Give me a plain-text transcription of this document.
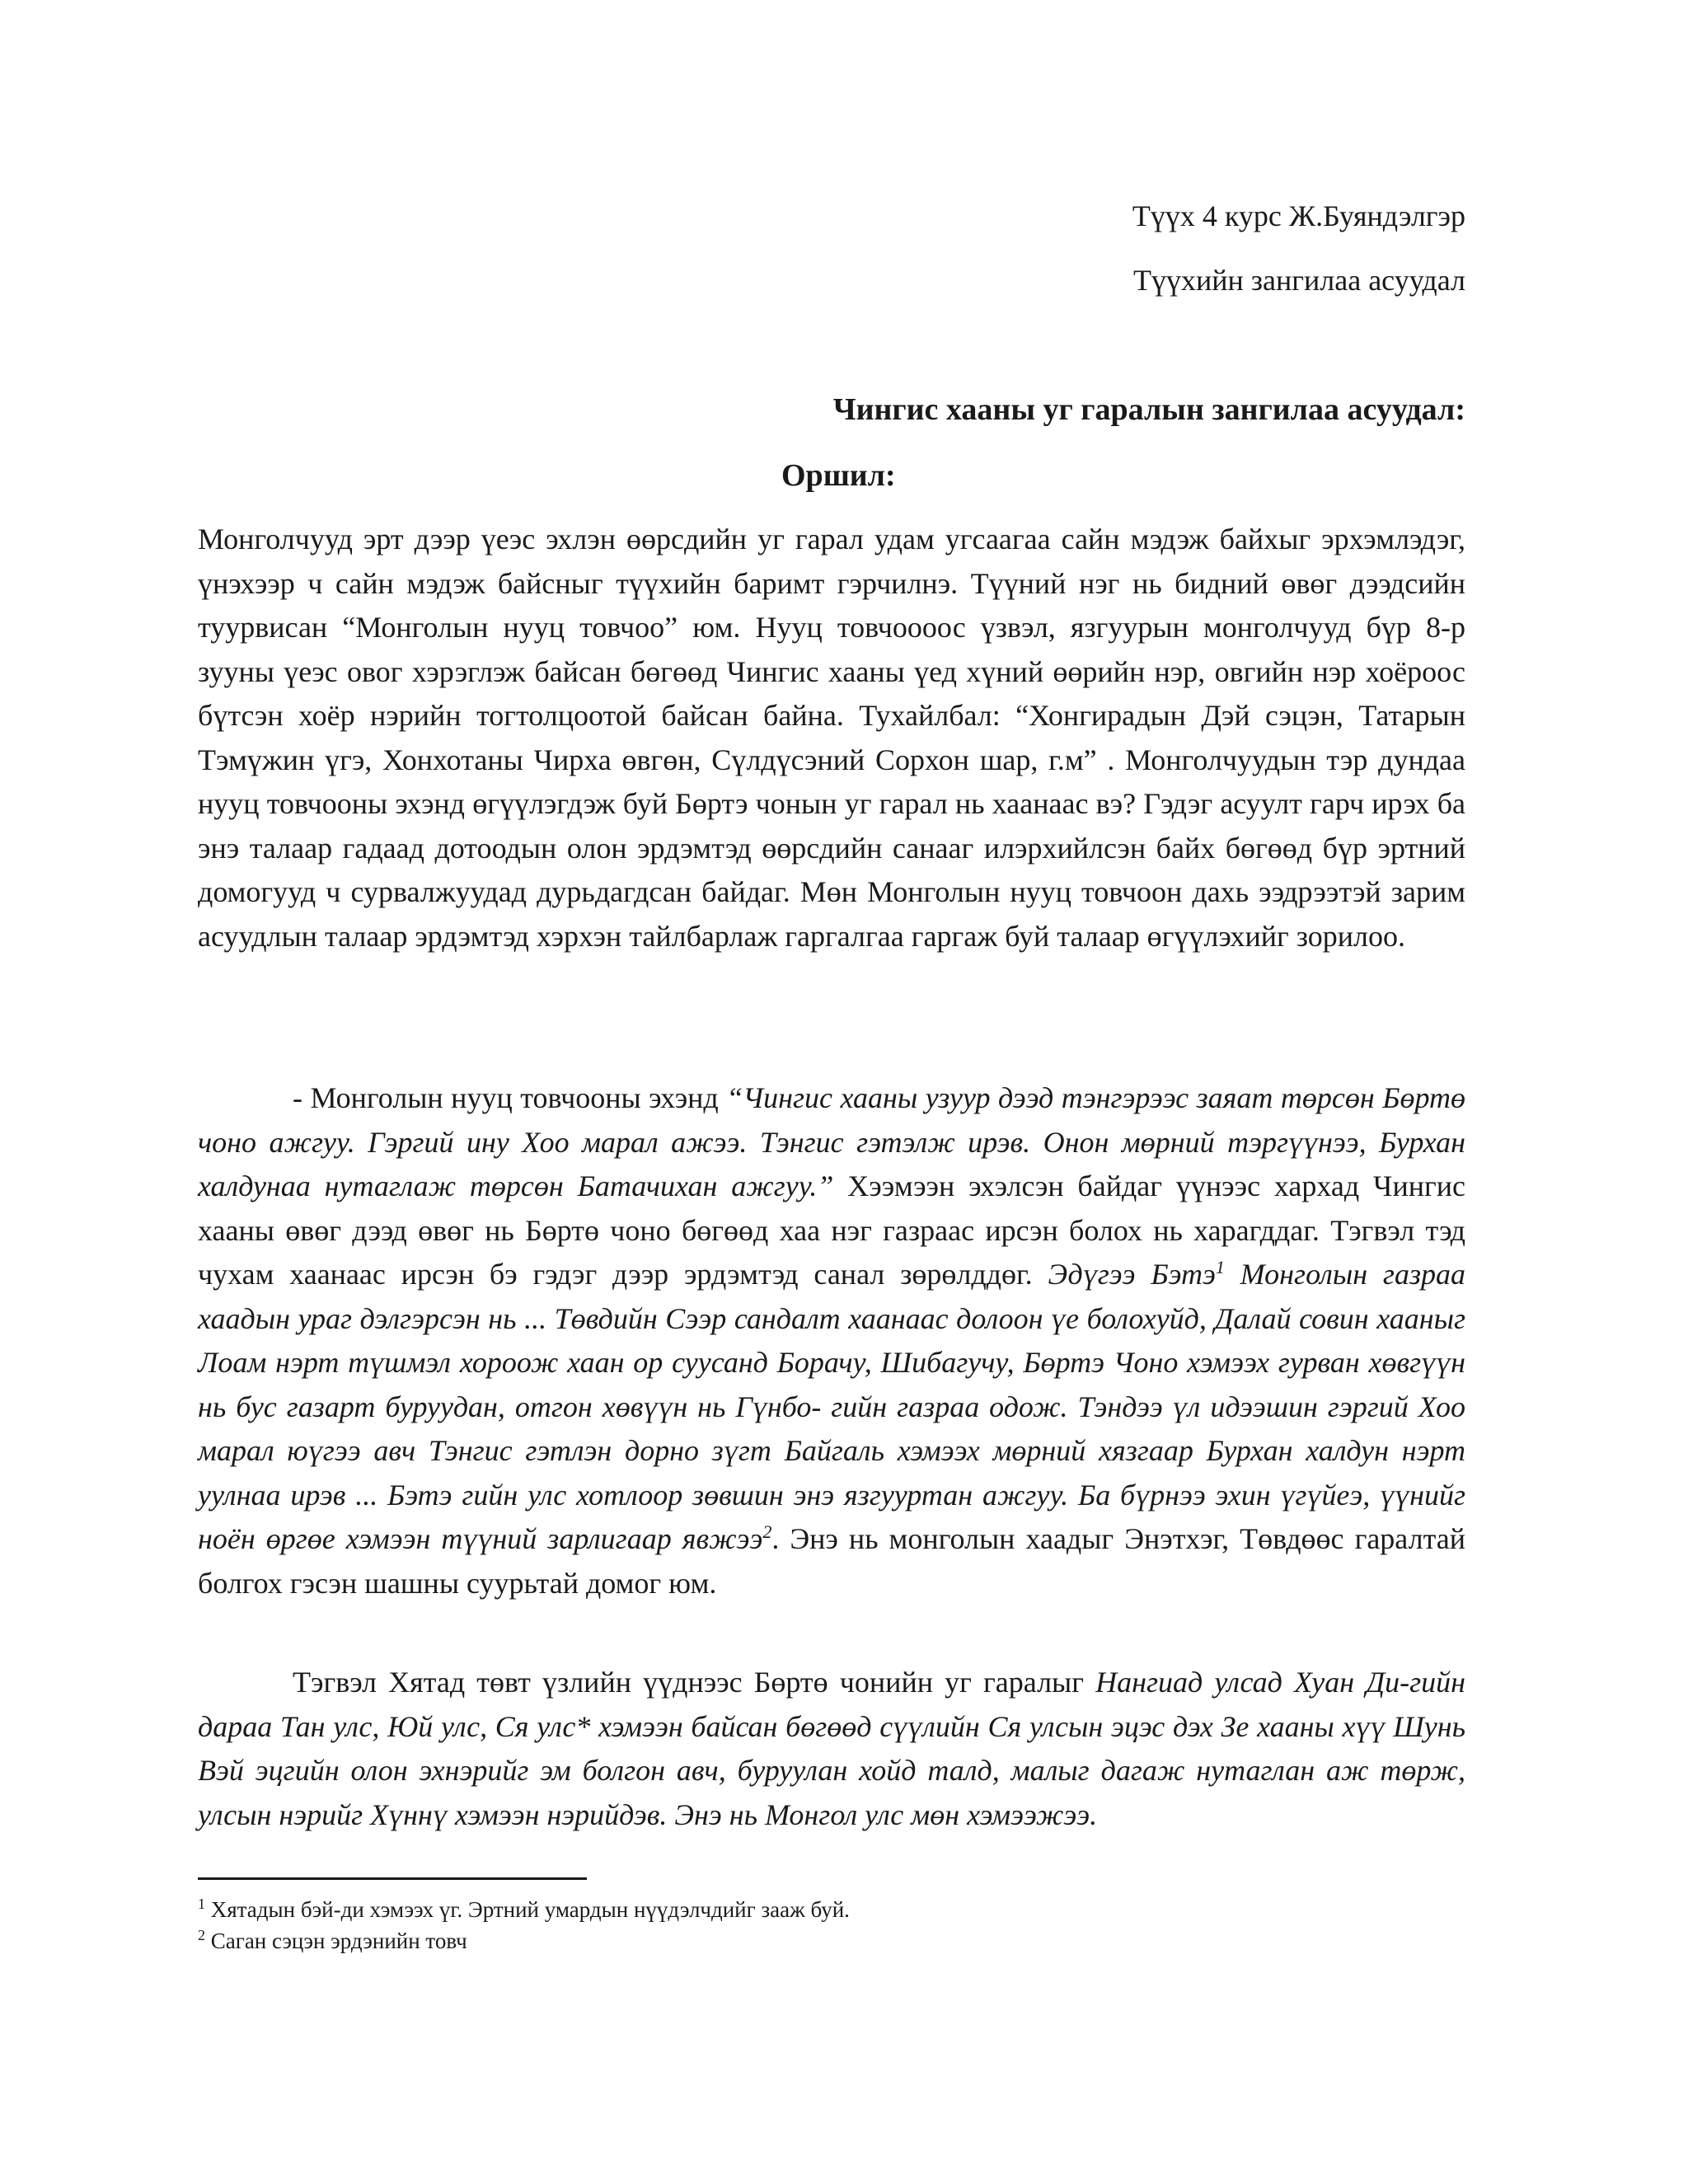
Түүх 4 курс Ж.Буяндэлгэр
Түүхийн зангилаа асуудал
Чингис хааны уг гаралын зангилаа асуудал:
Оршил:

Монголчууд эрт дээр үеэс эхлэн өөрсдийн уг гарал удам угсаагаа сайн мэдэж байхыг эрхэмлэдэг, үнэхээр ч сайн мэдэж байсныг түүхийн баримт гэрчилнэ. Түүний нэг нь бидний өвөг дээдсийн туурвисан “Монголын нууц товчоо” юм. Нууц товчоооос үзвэл, язгуурын монголчууд бүр 8-р зууны үеэс овог хэрэглэж байсан бөгөөд Чингис хааны үед хүний өөрийн нэр, овгийн нэр хоёроос бүтсэн хоёр нэрийн тогтолцоотой байсан байна. Тухайлбал: “Хонгирадын Дэй сэцэн, Татарын Тэмүжин үгэ, Хонхотаны Чирха өвгөн, Сүлдүсэний Сорхон шар, г.м” . Монголчуудын тэр дундаа нууц товчооны эхэнд өгүүлэгдэж буй Бөртэ чонын уг гарал нь хаанаас вэ? Гэдэг асуулт гарч ирэх ба энэ талаар гадаад дотоодын олон эрдэмтэд өөрсдийн санааг илэрхийлсэн байх бөгөөд бүр эртний домогууд ч сурвалжуудад дурьдагдсан байдаг. Мөн Монголын нууц товчоон дахь ээдрээтэй зарим асуудлын талаар эрдэмтэд хэрхэн тайлбарлаж гаргалгаа гаргаж буй талаар өгүүлэхийг зорилоо.

- Монголын нууц товчооны эхэнд “Чингис хааны узуур дээд тэнгэрээс заяат төрсөн Бөртө чоно ажгуу. Гэргий ину Хоо марал ажээ. Тэнгис гэтэлж ирэв. Онон мөрний тэргүүнээ, Бурхан халдунаа нутаглаж төрсөн Батачихан ажгуу.” Хээмээн эхэлсэн байдаг үүнээс хархад Чингис хааны өвөг дээд өвөг нь Бөртө чоно бөгөөд хаа нэг газраас ирсэн болох нь харагддаг. Тэгвэл тэд чухам хаанаас ирсэн бэ гэдэг дээр эрдэмтэд санал зөрөлддөг. Эдүгээ Бэтэ$^1$ Монголын газраа хаадын ураг дэлгэрсэн нь ... Төвдийн Сээр сандалт хаанаас долоон үе болохуйд, Далай совин хааныг Лоам нэрт түшмэл хороож хаан ор суусанд Борачу, Шибагучу, Бөртэ Чоно хэмээх гурван хөвгүүн нь бус газарт буруудан, отгон хөвүүн нь Гүнбо- гийн газраа одож. Тэндээ үл идээшин гэргий Хоо марал юүгээ авч Тэнгис гэтлэн дорно зүгт Байгаль хэмээх мөрний хязгаар Бурхан халдун нэрт уулнаа ирэв ... Бэтэ гийн улс хотлоор зөвшин энэ язгууртан ажгуу. Ба бүрнээ эхин үгүйеэ, үүнийг ноён өргөе хэмээн түүний зарлигаар явжээ$^2$. Энэ нь монголын хаадыг Энэтхэг, Төвдөөс гаралтай болгох гэсэн шашны суурьтай домог юм.

Тэгвэл Хятад төвт үзлийн үүднээс Бөртө чонийн уг гаралыг Нангиад улсад Хуан Ди-гийн дараа Тан улс, Юй улс, Ся улс* хэмээн байсан бөгөөд сүүлийн Ся улсын эцэс дэх Зе хааны хүү Шунь Вэй эцгийн олон эхнэрийг эм болгон авч, буруулан хойд талд, малыг дагаж нутаглан аж төрж, улсын нэрийг Хүннү хэмээн нэрийдэв. Энэ нь Монгол улс мөн хэмээжээ.

$^1$ Хятадын бэй-ди хэмээх үг. Эртний умардын нүүдэлчдийг зааж буй.
$^2$ Саган сэцэн эрдэнийн товч
